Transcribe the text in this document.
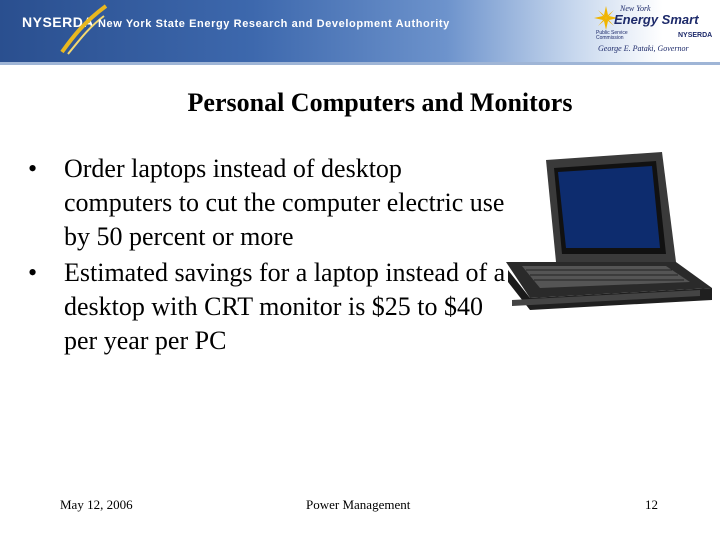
NYSERDA New York State Energy Research and Development Authority
New York
Energy Smart
Public Service Commission	NYSERDA
George E. Pataki, Governor
Personal Computers and Monitors
• Order laptops instead of desktop computers to cut the computer electric use by 50 percent or more
• Estimated savings for a laptop instead of a desktop with CRT monitor is $25 to $40 per year per PC
May 12, 2006	Power Management	12
